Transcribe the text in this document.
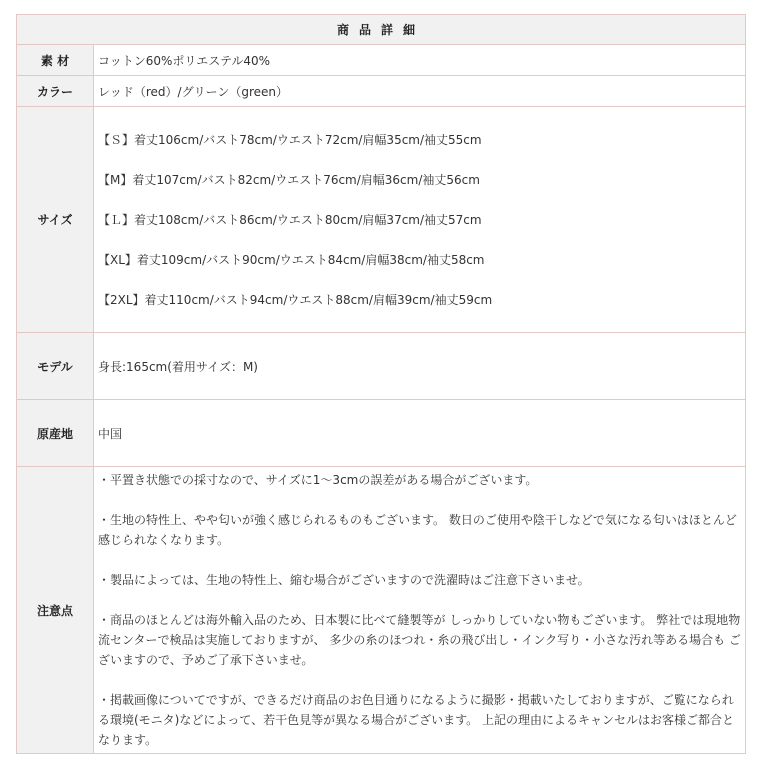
商品詳細
素 材	コットン60%ポリエステル40%
カラー	レッド（red）/グリーン（green）
サイズ

【Ｓ】着丈106cm/バスト78cm/ウエスト72cm/肩幅35cm/袖丈55cm

【M】着丈107cm/バスト82cm/ウエスト76cm/肩幅36cm/袖丈56cm

【Ｌ】着丈108cm/バスト86cm/ウエスト80cm/肩幅37cm/袖丈57cm

【XL】着丈109cm/バスト90cm/ウエスト84cm/肩幅38cm/袖丈58cm

【2XL】着丈110cm/バスト94cm/ウエスト88cm/肩幅39cm/袖丈59cm

モデル	身長:165cm(着用サイズ：M)
原産地	中国
注意点

・平置き状態での採寸なので、サイズに1～3cmの誤差がある場合がございます。

・生地の特性上、やや匂いが強く感じられるものもございます。 数日のご使用や陰干しなどで気になる匂いはほとんど感じられなくなります。

・製品によっては、生地の特性上、縮む場合がございますので洗濯時はご注意下さいませ。

・商品のほとんどは海外輸入品のため、日本製に比べて縫製等が しっかりしていない物もございます。 弊社では現地物流センターで検品は実施しておりますが、 多少の糸のほつれ・糸の飛び出し・インク写り・小さな汚れ等ある場合も ございますので、予めご了承下さいませ。

・掲載画像についてですが、できるだけ商品のお色目通りになるように撮影・掲載いたしておりますが、ご覧になられる環境(モニタ)などによって、若干色見等が異なる場合がございます。 上記の理由によるキャンセルはお客様ご都合となります。
